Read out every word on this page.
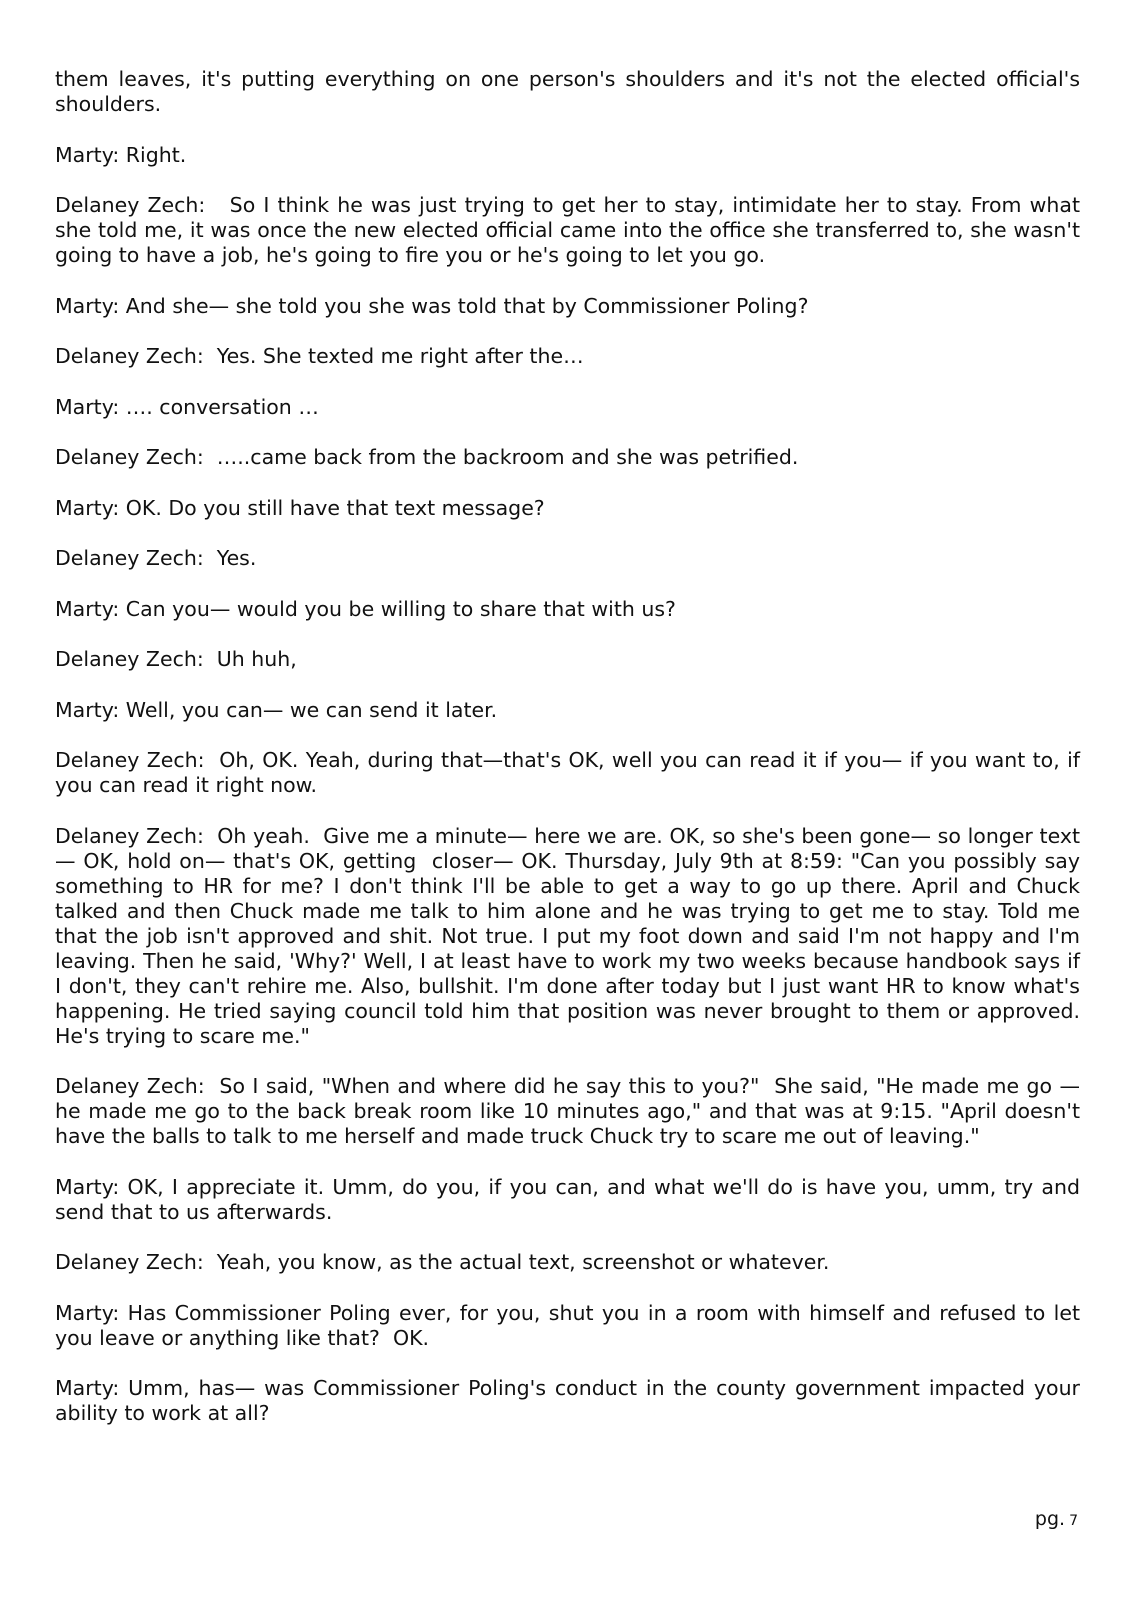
them leaves, it's putting everything on one person's shoulders and it's not the elected official's shoulders.

Marty: Right.

Delaney Zech:   So I think he was just trying to get her to stay, intimidate her to stay. From what she told me, it was once the new elected official came into the office she transferred to, she wasn't going to have a job, he's going to fire you or he's going to let you go.

Marty: And she— she told you she was told that by Commissioner Poling?

Delaney Zech:  Yes. She texted me right after the…

Marty: …. conversation …

Delaney Zech:  …..came back from the backroom and she was petrified.

Marty: OK. Do you still have that text message?

Delaney Zech:  Yes.

Marty: Can you— would you be willing to share that with us?

Delaney Zech:  Uh huh,

Marty: Well, you can— we can send it later.

Delaney Zech:  Oh, OK. Yeah, during that—that's OK, well you can read it if you— if you want to, if you can read it right now.

Delaney Zech:  Oh yeah.  Give me a minute— here we are. OK, so she's been gone— so longer text— OK, hold on— that's OK, getting  closer— OK. Thursday, July 9th at 8:59: "Can you possibly say something to HR for me? I don't think I'll be able to get a way to go up there. April and Chuck talked and then Chuck made me talk to him alone and he was trying to get me to stay. Told me that the job isn't approved and shit. Not true. I put my foot down and said I'm not happy and I'm leaving. Then he said, 'Why?' Well, I at least have to work my two weeks because handbook says if I don't, they can't rehire me. Also, bullshit. I'm done after today but I just want HR to know what's happening. He tried saying council told him that position was never brought to them or approved. He's trying to scare me."

Delaney Zech:  So I said, "When and where did he say this to you?"  She said, "He made me go — he made me go to the back break room like 10 minutes ago," and that was at 9:15. "April doesn't have the balls to talk to me herself and made truck Chuck try to scare me out of leaving."

Marty: OK, I appreciate it. Umm, do you, if you can, and what we'll do is have you, umm, try and send that to us afterwards.

Delaney Zech:  Yeah, you know, as the actual text, screenshot or whatever.

Marty: Has Commissioner Poling ever, for you, shut you in a room with himself and refused to let you leave or anything like that?  OK.

Marty: Umm, has— was Commissioner Poling's conduct in the county government impacted your ability to work at all?

pg. 7
